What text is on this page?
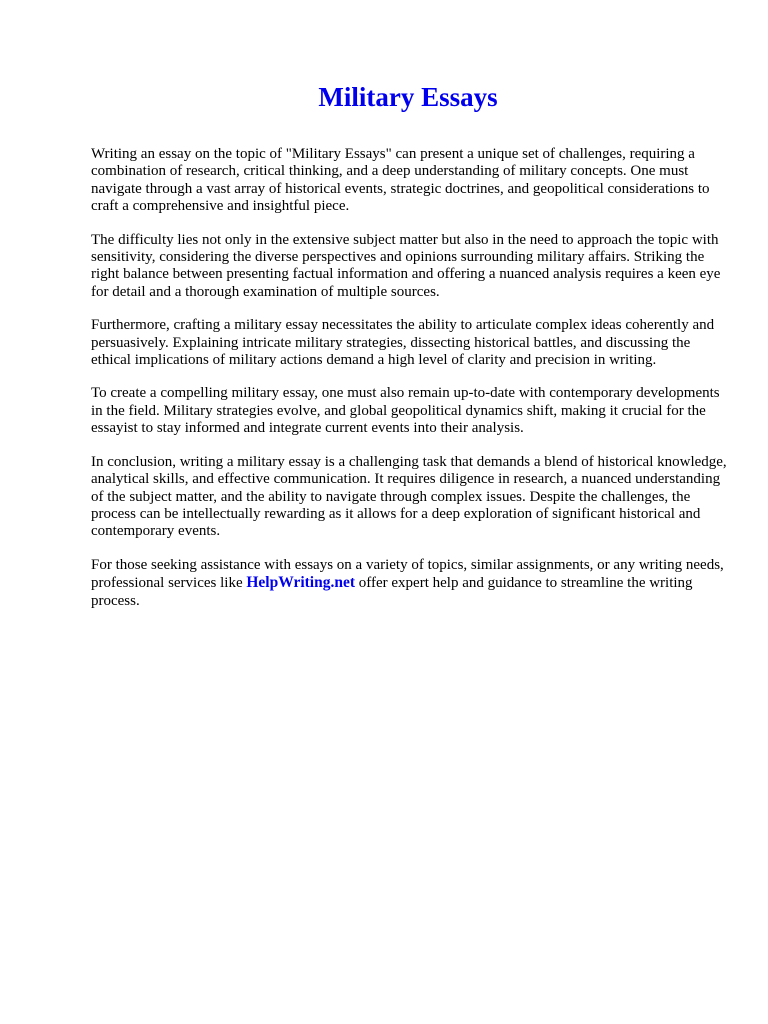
Military Essays

Writing an essay on the topic of "Military Essays" can present a unique set of challenges, requiring a combination of research, critical thinking, and a deep understanding of military concepts. One must navigate through a vast array of historical events, strategic doctrines, and geopolitical considerations to craft a comprehensive and insightful piece.

The difficulty lies not only in the extensive subject matter but also in the need to approach the topic with sensitivity, considering the diverse perspectives and opinions surrounding military affairs. Striking the right balance between presenting factual information and offering a nuanced analysis requires a keen eye for detail and a thorough examination of multiple sources.

Furthermore, crafting a military essay necessitates the ability to articulate complex ideas coherently and persuasively. Explaining intricate military strategies, dissecting historical battles, and discussing the ethical implications of military actions demand a high level of clarity and precision in writing.

To create a compelling military essay, one must also remain up-to-date with contemporary developments in the field. Military strategies evolve, and global geopolitical dynamics shift, making it crucial for the essayist to stay informed and integrate current events into their analysis.

In conclusion, writing a military essay is a challenging task that demands a blend of historical knowledge, analytical skills, and effective communication. It requires diligence in research, a nuanced understanding of the subject matter, and the ability to navigate through complex issues. Despite the challenges, the process can be intellectually rewarding as it allows for a deep exploration of significant historical and contemporary events.

For those seeking assistance with essays on a variety of topics, similar assignments, or any writing needs, professional services like HelpWriting.net offer expert help and guidance to streamline the writing process.
